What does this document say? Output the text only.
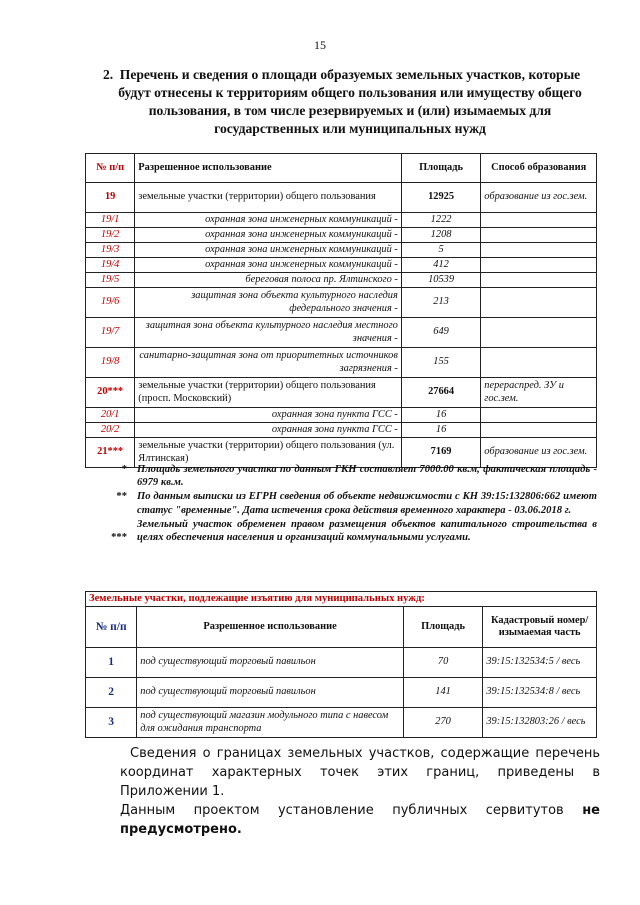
15
2. Перечень и сведения о площади образуемых земельных участков, которые будут отнесены к территориям общего пользования или имуществу общего пользования, в том числе резервируемых и (или) изымаемых для государственных или муниципальных нужд
№ п/п	Разрешенное использование	Площадь	Способ образования
19	земельные участки (территории) общего пользования	12925	образование из гос.зем.
19/1	охранная зона инженерных коммуникаций -	1222	
19/2	охранная зона инженерных коммуникаций -	1208	
19/3	охранная зона инженерных коммуникаций -	5	
19/4	охранная зона инженерных коммуникаций -	412	
19/5	береговая полоса пр. Ялтинского -	10539	
19/6	защитная зона объекта культурного наследия федерального значения -	213	
19/7	защитная зона объекта культурного наследия местного значения -	649	
19/8	санитарно-защитная зона от приоритетных источников загрязнения -	155	
20***	земельные участки (территории) общего пользования (просп. Московский)	27664	перераспред. ЗУ и гос.зем.
20/1	охранная зона пункта ГСС -	16	
20/2	охранная зона пункта ГСС -	16	
21***	земельные участки (территории) общего пользования (ул. Ялтинская)	7169	образование из гос.зем.
* Площадь земельного участка по данным ГКН составляет 7000.00 кв.м, фактическая площадь - 6979 кв.м.
** По данным выписки из ЕГРН сведения об объекте недвижимости с КН 39:15:132806:662 имеют статус "временные". Дата истечения срока действия временного характера - 03.06.2018 г.
***
Земельный участок обременен правом размещения объектов капитального строительства в целях обеспечения населения и организаций коммунальными услугами.
Земельные участки, подлежащие изъятию для муниципальных нужд:			
№ п/п	Разрешенное использование	Площадь	Кадастровый номер/ изымаемая часть
1	под существующий торговый павильон	70	39:15:132534:5 / весь
2	под существующий торговый павильон	141	39:15:132534:8 / весь
3	под существующий магазин модульного типа с навесом для ожидания транспорта	270	39:15:132803:26 / весь
Сведения о границах земельных участков, содержащие перечень координат характерных точек этих границ, приведены в Приложении 1.
Данным проектом установление публичных сервитутов не предусмотрено.
